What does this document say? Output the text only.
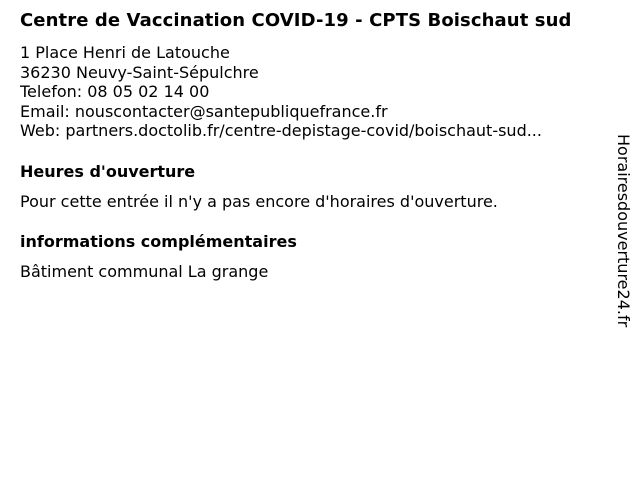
Centre de Vaccination COVID-19 - CPTS Boischaut sud
1 Place Henri de Latouche
36230 Neuvy-Saint-Sépulchre
Telefon: 08 05 02 14 00
Email: nouscontacter@santepubliquefrance.fr
Web: partners.doctolib.fr/centre-depistage-covid/boischaut-sud...
Heures d'ouverture
Pour cette entrée il n'y a pas encore d'horaires d'ouverture.
informations complémentaires
Bâtiment communal La grange	Horairesdouverture24.fr
